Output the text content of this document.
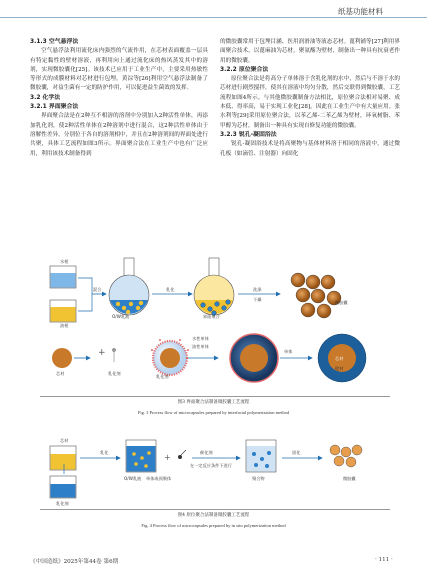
纸基功能材料
3.1.3 空气悬浮法

空气悬浮法利用流化床内强烈的气流作用，在芯材表面覆盖一层具有特定黏性的壁材溶液，再利用向上通过流化床的热风蒸发其中的溶剂，实现微胶囊化[25]。该技术已应用于工业生产中，主要采用热敏性等形式的成膜材料对芯材进行包埋。黄淙等[26]利用空气悬浮法制备了微胶囊，对益生菌有一定的防护作用，可以促进益生菌效的发挥。

3.2 化学法
3.2.1 界面聚合法

界面聚合法是在2种互不相溶的溶剂中分别加入2种活性单体，再添加乳化剂，使2种活性单体在2种溶剂中进行混合，这2种活性单体由于溶解性差异，分别位于各自的溶剂相中，并且在2种溶剂间的界面处进行共聚，具体工艺流程如图3所示。界面聚合法在工业生产中也有广泛应用，利用该技术制备得到

的微胶囊常用于包埋目涵、医用润滑油等液态芯材。蓖利铺等[27]利用界面聚合技术，以蓖麻油为芯材，聚氨酯为壁材，制备出一种具有抗衰老作用的微胶囊。

3.2.2 原位聚合法

原位聚合法是将高分子单体溶于含乳化剂的水中，然后与不溶于水的芯材进行剧烈搅拌，使其在溶液中均匀分散，然后交联得到微胶囊，工艺流程如图4所示。与其他微胶囊制备方法相比，原位聚合法相对易聚、成本低、得率高，易于实现工业化[28]，因此在工业生产中有大量应用。张水利等[29]采用原位聚合法，以苯乙烯-二苯乙烯为壁材，环氧树脂、苯甲醇为芯材，制备出一种具有实现自修复功能的微胶囊。

3.2.3 锐孔-凝固浴法

锐孔-凝固浴技术是将高聚物与基体材料溶于相同的溶液中，通过微孔板（如滴管、注射器）向固化

+
水相
油相
混合
O/W乳液
乳化
界面聚合
洗涤
干燥
微胶囊
水性单体
油性单体
芯材	乳化剂
乳化剂
单体
壁材
芯材
图3 界面聚合法制备微胶囊工艺流程
Fig. 3 Process flow of microcapsules prepared by interfacial polymerization method
+
芯材
乳化
O/W乳液 单体或预聚体
催化剂
在一定反应条件下进行
聚合物
固化
微胶囊
乳化剂
图4 原位聚合法制备微胶囊工艺流程
Fig. 4 Process flow of microcapsules prepared by in situ polymerization method
《中国造纸》2025年第44卷 第6期	· 111 ·
